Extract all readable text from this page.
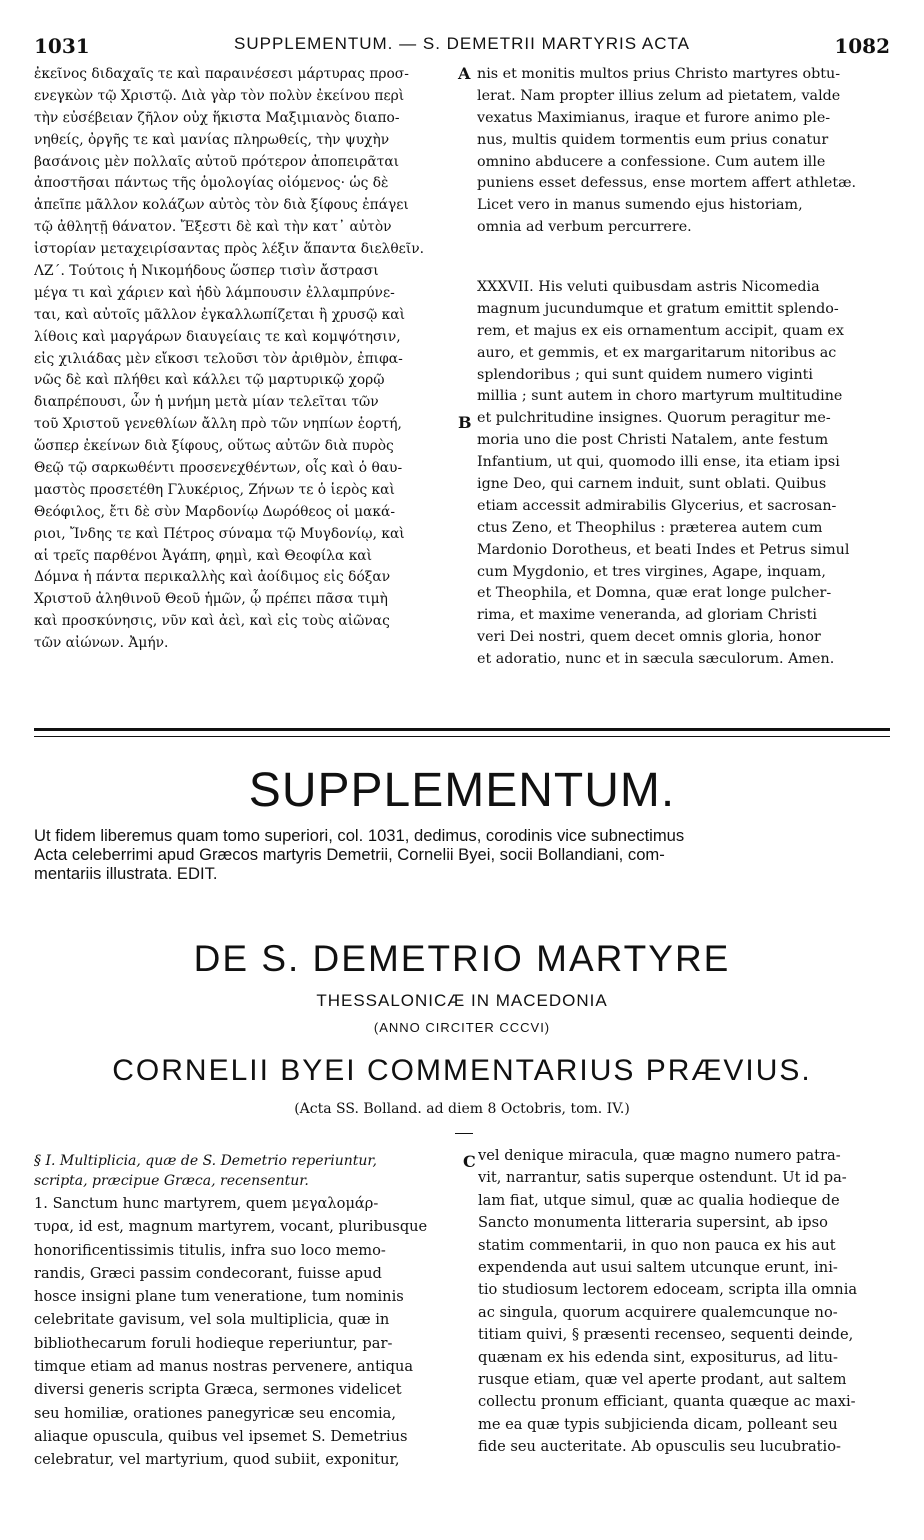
1031	SUPPLEMENTUM. — S. DEMETRII MARTYRIS ACTA	1082
ἐκεῖνος διδαχαῖς τε καὶ παραινέσεσι μάρτυρας προσ-
ενεγκὼν τῷ Χριστῷ. Διὰ γὰρ τὸν πολὺν ἐκείνου περὶ
τὴν εὐσέβειαν ζῆλον οὐχ ἥκιστα Μαξιμιανὸς διαπο-
νηθείς, ὀργῆς τε καὶ μανίας πληρωθείς, τὴν ψυχὴν
βασάνοις μὲν πολλαῖς αὐτοῦ πρότερον ἀποπειρᾶται
ἀποστῆσαι πάντως τῆς ὁμολογίας οἰόμενος· ὡς δὲ
ἀπεῖπε μᾶλλον κολάζων αὐτὸς τὸν διὰ ξίφους ἐπάγει
τῷ ἀθλητῇ θάνατον. Ἔξεστι δὲ καὶ τὴν κατ᾽ αὐτὸν
ἱστορίαν μεταχειρίσαντας πρὸς λέξιν ἅπαντα διελθεῖν.
ΛΖ΄. Τούτοις ἡ Νικομήδους ὥσπερ τισὶν ἄστρασι
μέγα τι καὶ χάριεν καὶ ἡδὺ λάμπουσιν ἐλλαμπρύνε-
ται, καὶ αὐτοῖς μᾶλλον ἐγκαλλωπίζεται ἢ χρυσῷ καὶ
λίθοις καὶ μαργάρων διαυγείαις τε καὶ κομψότησιν,
εἰς χιλιάδας μὲν εἴκοσι τελοῦσι τὸν ἀριθμὸν, ἐπιφα-
νῶς δὲ καὶ πλήθει καὶ κάλλει τῷ μαρτυρικῷ χορῷ
διαπρέπουσι, ὧν ἡ μνήμη μετὰ μίαν τελεῖται τῶν
τοῦ Χριστοῦ γενεθλίων ἄλλη πρὸ τῶν νηπίων ἑορτή,
ὥσπερ ἐκείνων διὰ ξίφους, οὕτως αὐτῶν διὰ πυρὸς
Θεῷ τῷ σαρκωθέντι προσενεχθέντων, οἷς καὶ ὁ θαυ-
μαστὸς προσετέθη Γλυκέριος, Ζήνων τε ὁ ἱερὸς καὶ
Θεόφιλος, ἔτι δὲ σὺν Μαρδονίῳ Δωρόθεος οἱ μακά-
ριοι, Ἴνδης τε καὶ Πέτρος σύναμα τῷ Μυγδονίῳ, καὶ
αἱ τρεῖς παρθένοι Ἀγάπη, φημὶ, καὶ Θεοφίλα καὶ
Δόμνα ἡ πάντα περικαλλὴς καὶ ἀοίδιμος εἰς δόξαν
Χριστοῦ ἀληθινοῦ Θεοῦ ἡμῶν, ᾧ πρέπει πᾶσα τιμὴ
καὶ προσκύνησις, νῦν καὶ ἀεὶ, καὶ εἰς τοὺς αἰῶνας
τῶν αἰώνων. Ἀμήν.
nis et monitis multos prius Christo martyres obtu-
lerat. Nam propter illius zelum ad pietatem, valde
vexatus Maximianus, iraque et furore animo ple-
nus, multis quidem tormentis eum prius conatur
omnino abducere a confessione. Cum autem ille
puniens esset defessus, ense mortem affert athletæ.
Licet vero in manus sumendo ejus historiam,
omnia ad verbum percurrere.
XXXVII. His veluti quibusdam astris Nicomedia
magnum jucundumque et gratum emittit splendo-
rem, et majus ex eis ornamentum accipit, quam ex
auro, et gemmis, et ex margaritarum nitoribus ac
splendoribus ; qui sunt quidem numero viginti
millia ; sunt autem in choro martyrum multitudine
et pulchritudine insignes. Quorum peragitur me-
moria uno die post Christi Natalem, ante festum
Infantium, ut qui, quomodo illi ense, ita etiam ipsi
igne Deo, qui carnem induit, sunt oblati. Quibus
etiam accessit admirabilis Glycerius, et sacrosan-
ctus Zeno, et Theophilus : præterea autem cum
Mardonio Dorotheus, et beati Indes et Petrus simul
cum Mygdonio, et tres virgines, Agape, inquam,
et Theophila, et Domna, quæ erat longe pulcher-
rima, et maxime veneranda, ad gloriam Christi
veri Dei nostri, quem decet omnis gloria, honor
et adoratio, nunc et in sæcula sæculorum. Amen.
A
B
C
SUPPLEMENTUM.
Ut fidem liberemus quam tomo superiori, col. 1031, dedimus, corodinis vice subnectimus
Acta celeberrimi apud Græcos martyris Demetrii, Cornelii Byei, socii Bollandiani, com-
mentariis illustrata. EDIT.
DE S. DEMETRIO MARTYRE
THESSALONICÆ IN MACEDONIA
(ANNO CIRCITER CCCVI)
CORNELII BYEI COMMENTARIUS PRÆVIUS.
(Acta SS. Bolland. ad diem 8 Octobris, tom. IV.)
§ I. Multiplicia, quæ de S. Demetrio reperiuntur,
scripta, præcipue Græca, recensentur.
1. Sanctum hunc martyrem, quem μεγαλομάρ-
τυρα, id est, magnum martyrem, vocant, pluribusque
honorificentissimis titulis, infra suo loco memo-
randis, Græci passim condecorant, fuisse apud
hosce insigni plane tum veneratione, tum nominis
celebritate gavisum, vel sola multiplicia, quæ in
bibliothecarum foruli hodieque reperiuntur, par-
timque etiam ad manus nostras pervenere, antiqua
diversi generis scripta Græca, sermones videlicet
seu homiliæ, orationes panegyricæ seu encomia,
aliaque opuscula, quibus vel ipsemet S. Demetrius
celebratur, vel martyrium, quod subiit, exponitur,
vel denique miracula, quæ magno numero patra-
vit, narrantur, satis superque ostendunt. Ut id pa-
lam fiat, utque simul, quæ ac qualia hodieque de
Sancto monumenta litteraria supersint, ab ipso
statim commentarii, in quo non pauca ex his aut
expendenda aut usui saltem utcunque erunt, ini-
tio studiosum lectorem edoceam, scripta illa omnia
ac singula, quorum acquirere qualemcunque no-
titiam quivi, § præsenti recenseo, sequenti deinde,
quænam ex his edenda sint, expositurus, ad litu-
rusque etiam, quæ vel aperte prodant, aut saltem
collectu pronum efficiant, quanta quæque ac maxi-
me ea quæ typis subjicienda dicam, polleant seu
fide seu aucteritate. Ab opusculis seu lucubratio-
